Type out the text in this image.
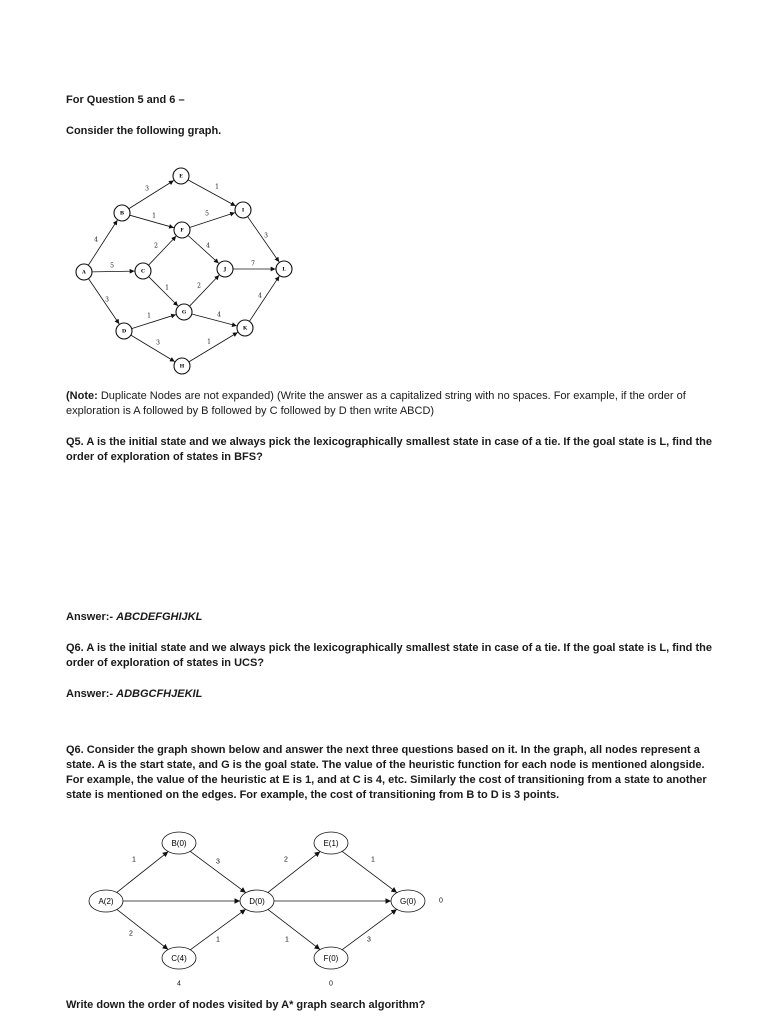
For Question 5 and 6 –
Consider the following graph.
4
5
3
3
1
2
1
1
3
1
5
4
2
4
1
3
7
4
A
B
C
D
E
F
G
H
I
J
K
L
(Note: Duplicate Nodes are not expanded) (Write the answer as a capitalized string with no spaces. For example, if the order of exploration is A followed by B followed by C followed by D then write ABCD)
Q5. A is the initial state and we always pick the lexicographically smallest state in case of a tie. If the goal state is L, find the order of exploration of states in BFS?
Answer:- ABCDEFGHIJKL
Q6. A is the initial state and we always pick the lexicographically smallest state in case of a tie. If the goal state is L, find the order of exploration of states in UCS?
Answer:- ADBGCFHJEKIL
Q6. Consider the graph shown below and answer the next three questions based on it. In the graph, all nodes represent a state. A is the start state, and G is the goal state. The value of the heuristic function for each node is mentioned alongside. For example, the value of the heuristic at E is 1, and at C is 4, etc. Similarly the cost of transitioning from a state to another state is mentioned on the edges. For example, the cost of transitioning from B to D is 3 points.
1
2
3
1
2
1
1
3
A(2)
B(0)
C(4)
D(0)
E(1)
F(0)
G(0)	0
4	0
Write down the order of nodes visited by A* graph search algorithm?
